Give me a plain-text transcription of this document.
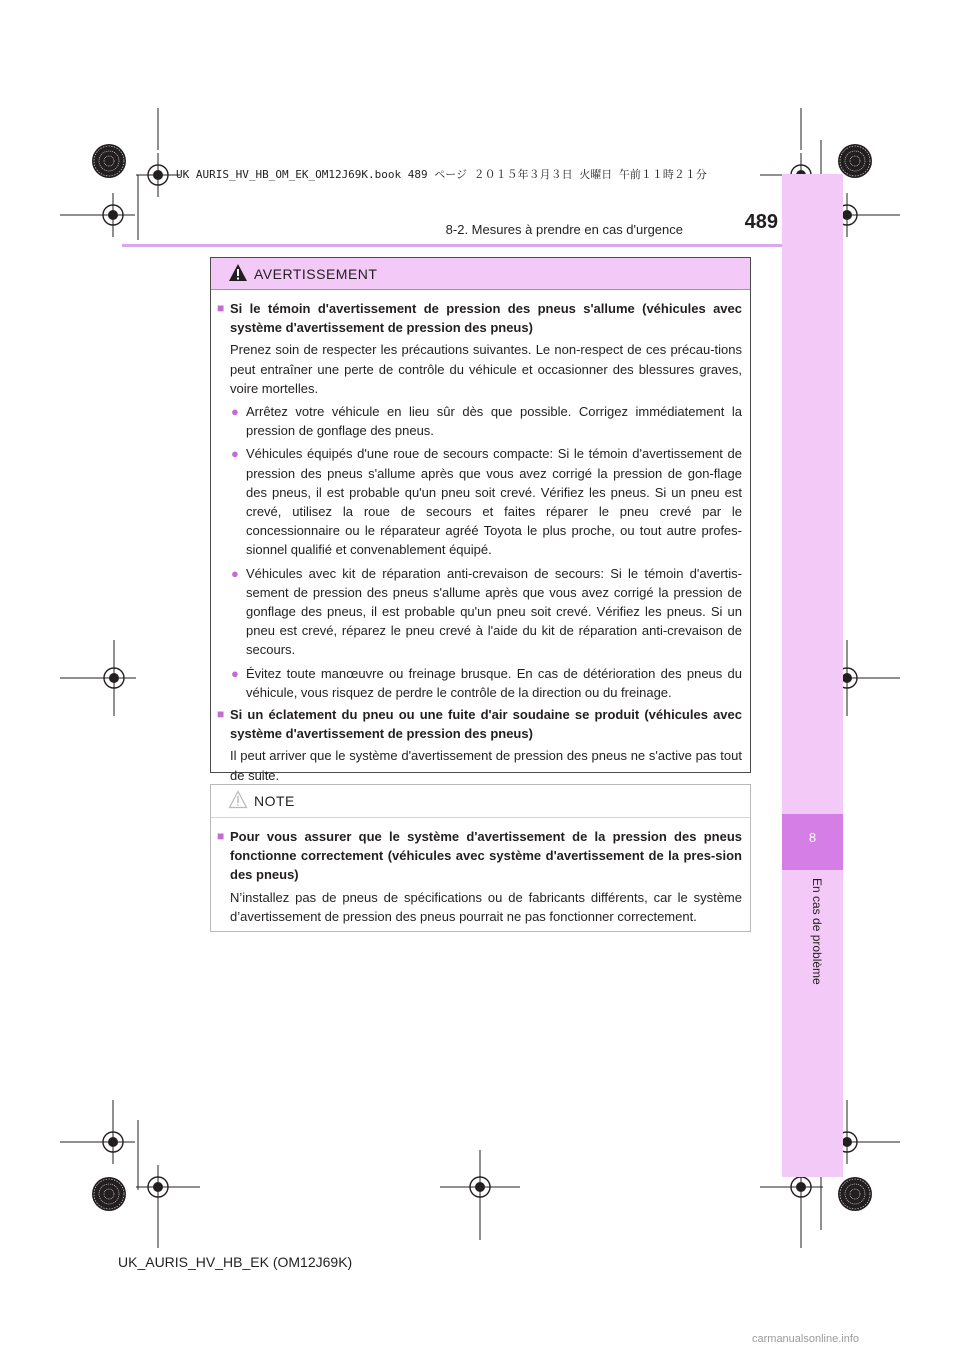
UK AURIS_HV_HB_OM_EK_OM12J69K.book 489 ページ ２０１５年３月３日 火曜日 午前１１時２１分
8
En cas de problème
8-2. Mesures à prendre en cas d'urgence	489
AVERTISSEMENT
■ Si le témoin d'avertissement de pression des pneus s'allume (véhicules avec système d'avertissement de pression des pneus)
Prenez soin de respecter les précautions suivantes. Le non-respect de ces précau-tions peut entraîner une perte de contrôle du véhicule et occasionner des blessures graves, voire mortelles.
● Arrêtez votre véhicule en lieu sûr dès que possible. Corrigez immédiatement la pression de gonflage des pneus.
● Véhicules équipés d'une roue de secours compacte: Si le témoin d'avertissement de pression des pneus s'allume après que vous avez corrigé la pression de gon-flage des pneus, il est probable qu'un pneu soit crevé. Vérifiez les pneus. Si un pneu est crevé, utilisez la roue de secours et faites réparer le pneu crevé par le concessionnaire ou le réparateur agréé Toyota le plus proche, ou tout autre profes-sionnel qualifié et convenablement équipé.
● Véhicules avec kit de réparation anti-crevaison de secours: Si le témoin d'avertis-sement de pression des pneus s'allume après que vous avez corrigé la pression de gonflage des pneus, il est probable qu'un pneu soit crevé. Vérifiez les pneus. Si un pneu est crevé, réparez le pneu crevé à l'aide du kit de réparation anti-crevaison de secours.
● Évitez toute manœuvre ou freinage brusque. En cas de détérioration des pneus du véhicule, vous risquez de perdre le contrôle de la direction ou du freinage.
■ Si un éclatement du pneu ou une fuite d'air soudaine se produit (véhicules avec système d'avertissement de pression des pneus)
Il peut arriver que le système d'avertissement de pression des pneus ne s'active pas tout de suite.
NOTE
■ Pour vous assurer que le système d'avertissement de la pression des pneus fonctionne correctement (véhicules avec système d'avertissement de la pres-sion des pneus)
N’installez pas de pneus de spécifications ou de fabricants différents, car le système d’avertissement de pression des pneus pourrait ne pas fonctionner correctement.
UK_AURIS_HV_HB_EK (OM12J69K)
carmanualsonline.info
